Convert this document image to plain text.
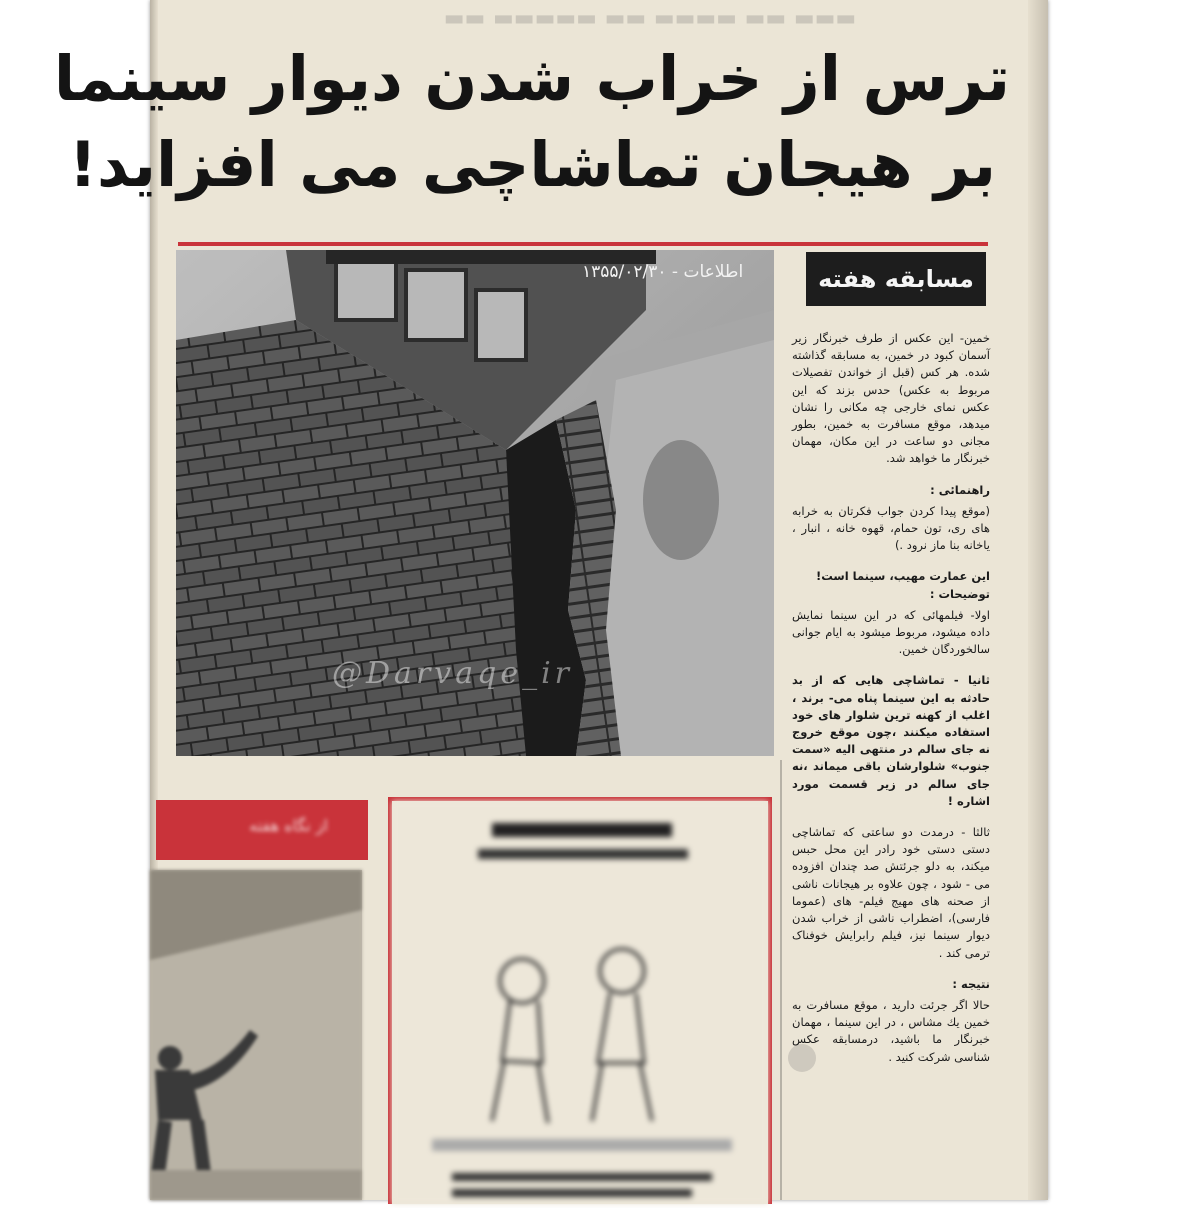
▬▬▬ ▬▬ ▬▬▬▬ ▬▬ ▬▬▬▬▬ ▬▬
ترس از خراب شدن دیوار سینما
بر هیجان تماشاچی می افزاید!
اطلاعات - ۱۳۵۵/۰۲/۳۰
@Darvaqe_ir
مسابقه هفته

خمین- این عکس از طرف خبرنگار زیر آسمان کبود در خمین، به مسابقه گذاشته شده. هر کس (قبل از خواندن تفصیلات مربوط به عکس) حدس بزند که این عکس نمای خارجی چه مکانی را نشان میدهد، موقع مسافرت به خمین، بطور مجانی دو ساعت در این مکان، مهمان خبرنگار ما خواهد شد.

راهنمائی :

(موقع پیدا کردن جواب فکرتان به خرابه های ری، تون حمام، قهوه خانه ، انبار ، یاخانه بنا ماز نرود .)

این عمارت مهیب، سینما است!

توضیحات :

اولا- فیلمهائی که در این سینما نمایش داده میشود، مربوط میشود به ایام جوانی سالخوردگان خمین.

ثانیا - تماشاچی هایی که از بد حادثه به این سینما پناه می- برند ، اغلب از کهنه ترین شلوار های خود استفاده میکنند ،چون موقع خروج نه جای سالم در منتهی الیه «سمت جنوب» شلوارشان باقی میماند ،نه جای سالم در زیر قسمت مورد اشاره !

ثالثا - درمدت دو ساعتی که تماشاچی دستی دستی خود رادر این محل حبس میکند، به دلو جرئتش صد چندان افزوده می - شود ، چون علاوه بر هیجانات ناشی از صحنه های مهیج فیلم- های (عموما فارسی)، اضطراب ناشی از خراب شدن دیوار سینما نیز، فیلم رابرایش خوفناک ترمی کند .

نتیجه :

حالا اگر جرئت دارید ، موقع مسافرت به خمین یك مشاس ، در این سینما ، مهمان خبرنگار ما باشید، درمسابقه عکس شناسی شرکت کنید .

از نگاه هفته
